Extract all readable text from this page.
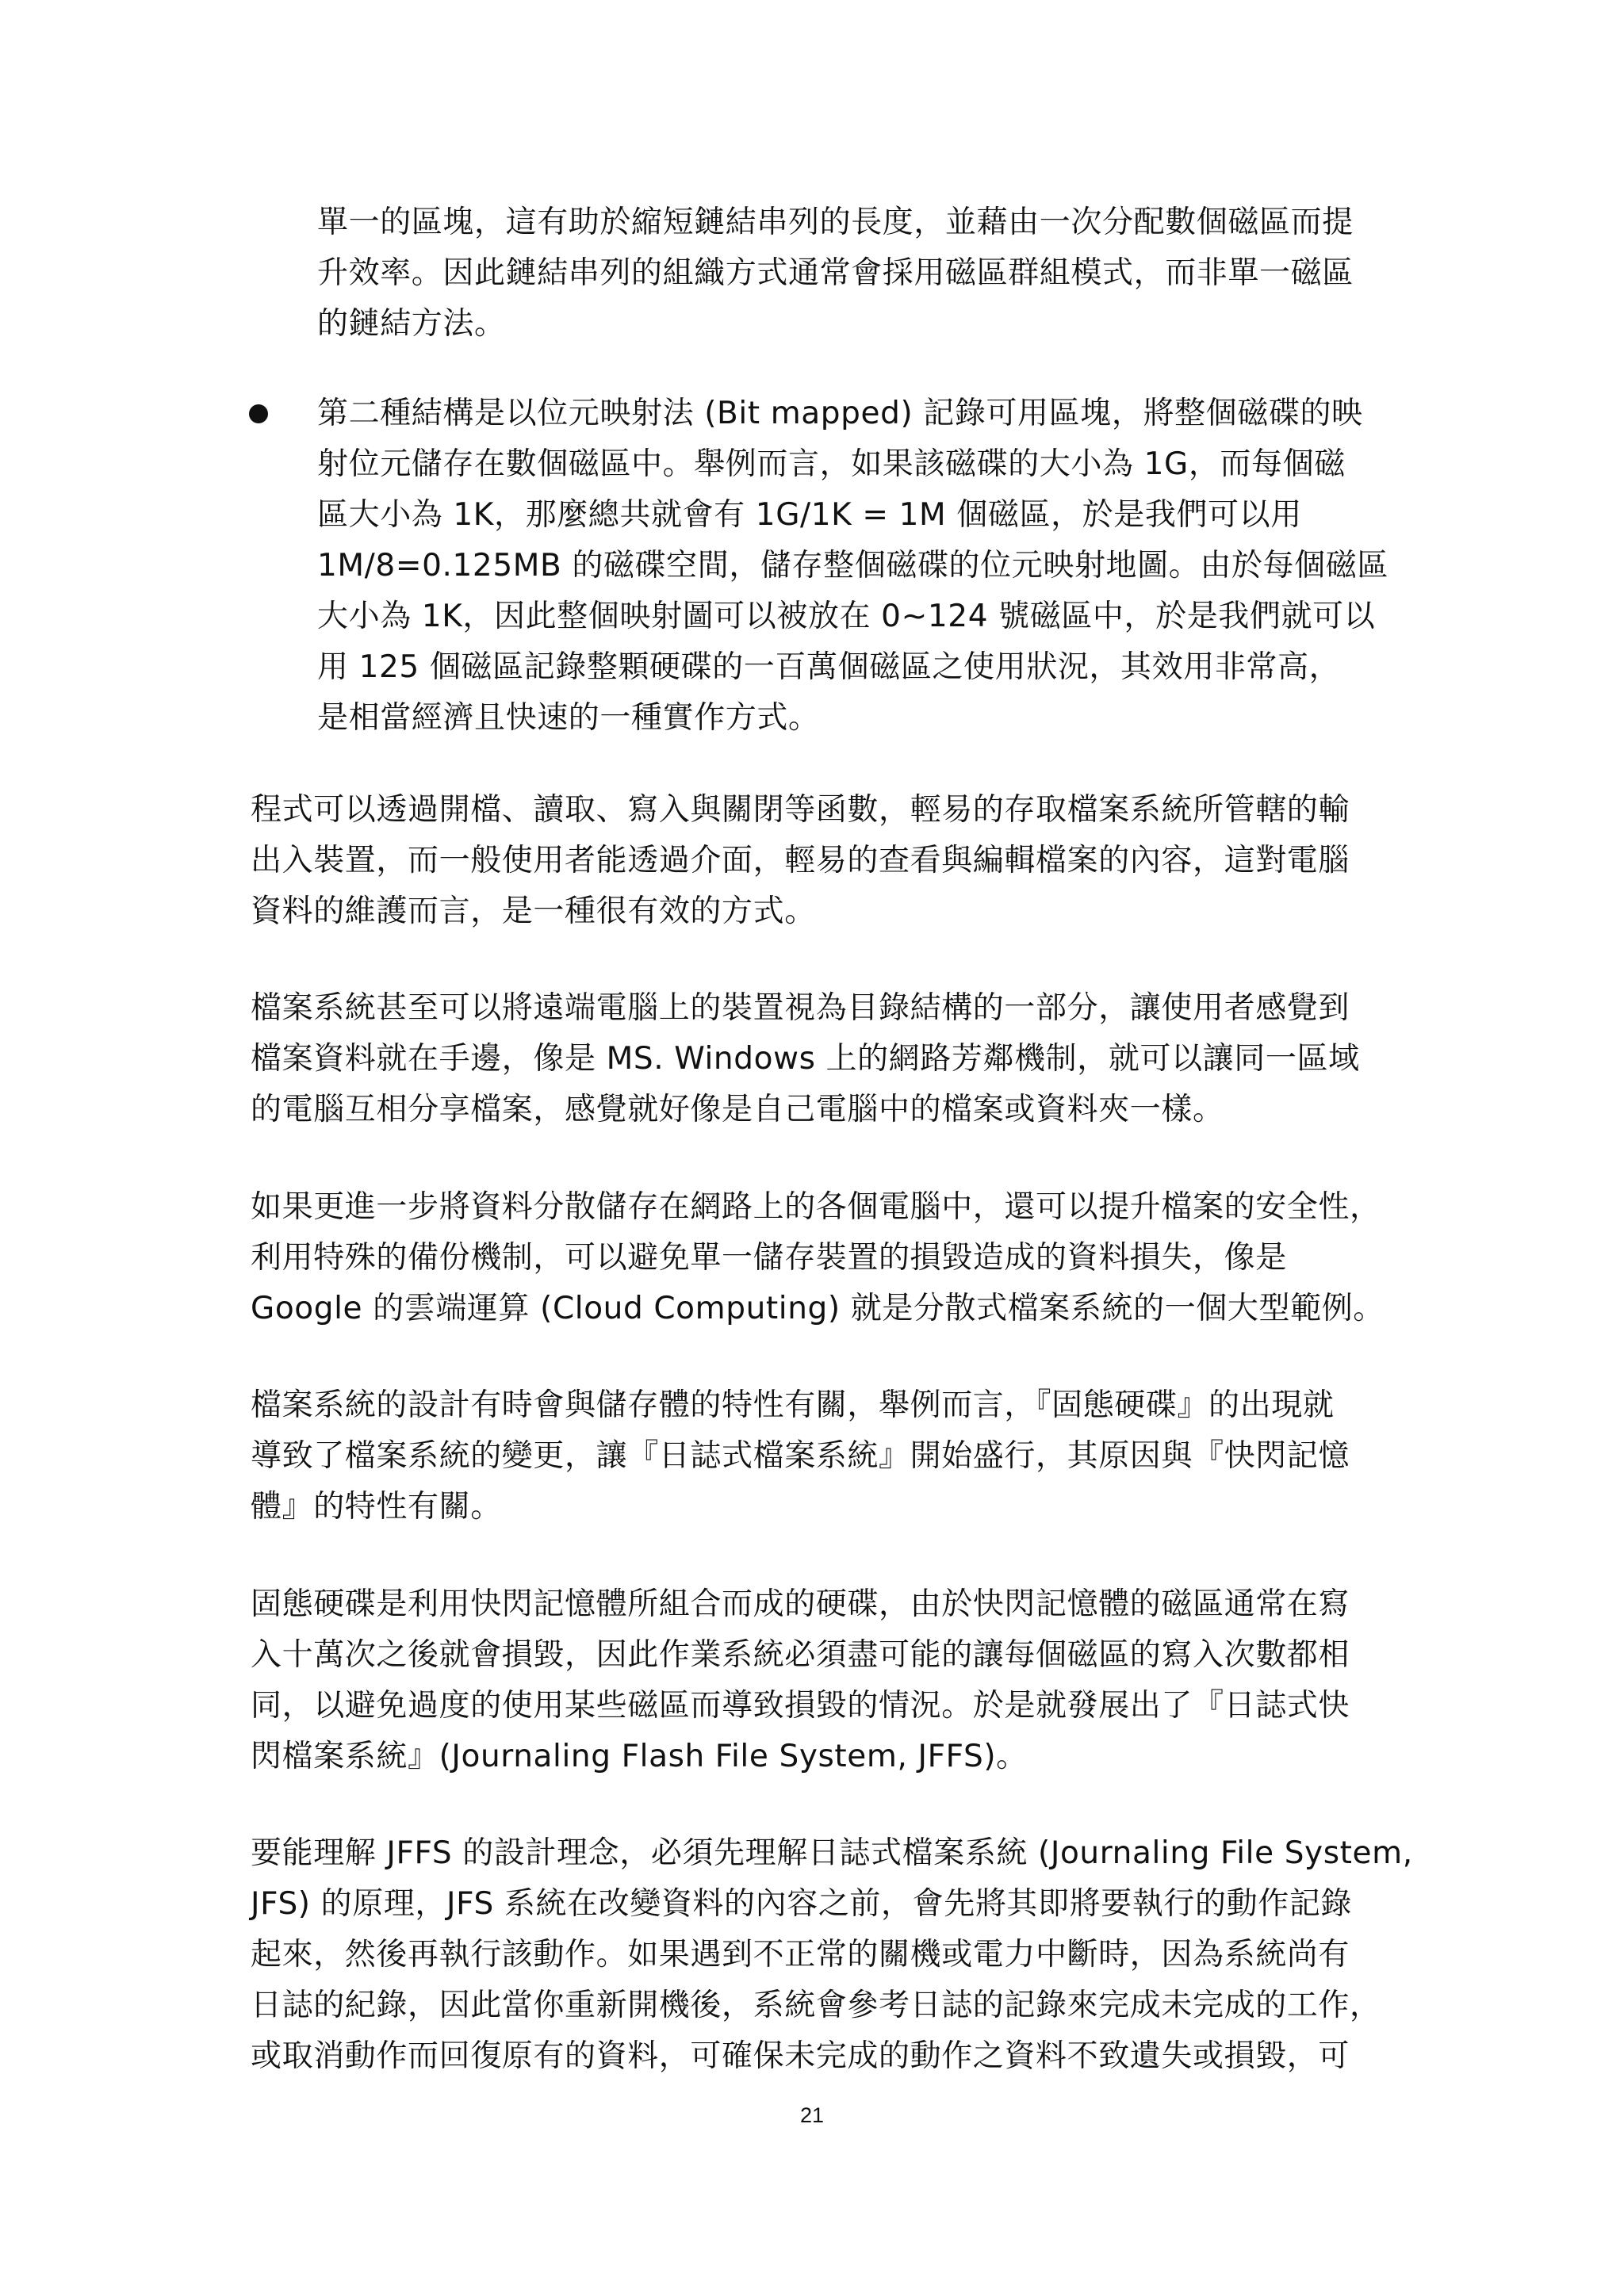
單一的區塊，這有助於縮短鏈結串列的長度，並藉由一次分配數個磁區而提
升效率。因此鏈結串列的組織方式通常會採用磁區群組模式，而非單一磁區
的鏈結方法。
第二種結構是以位元映射法 (Bit mapped) 記錄可用區塊，將整個磁碟的映
射位元儲存在數個磁區中。舉例而言，如果該磁碟的大小為 1G，而每個磁
區大小為 1K，那麼總共就會有 1G/1K = 1M 個磁區，於是我們可以用
1M/8=0.125MB 的磁碟空間，儲存整個磁碟的位元映射地圖。由於每個磁區
大小為 1K，因此整個映射圖可以被放在 0~124 號磁區中，於是我們就可以
用 125 個磁區記錄整顆硬碟的一百萬個磁區之使用狀況，其效用非常高，
是相當經濟且快速的一種實作方式。
程式可以透過開檔、讀取、寫入與關閉等函數，輕易的存取檔案系統所管轄的輸
出入裝置，而一般使用者能透過介面，輕易的查看與編輯檔案的內容，這對電腦
資料的維護而言，是一種很有效的方式。
檔案系統甚至可以將遠端電腦上的裝置視為目錄結構的一部分，讓使用者感覺到
檔案資料就在手邊，像是 MS. Windows 上的網路芳鄰機制，就可以讓同一區域
的電腦互相分享檔案，感覺就好像是自己電腦中的檔案或資料夾一樣。
如果更進一步將資料分散儲存在網路上的各個電腦中，還可以提升檔案的安全性，
利用特殊的備份機制，可以避免單一儲存裝置的損毀造成的資料損失，像是
Google 的雲端運算 (Cloud Computing) 就是分散式檔案系統的一個大型範例。
檔案系統的設計有時會與儲存體的特性有關，舉例而言，『固態硬碟』的出現就
導致了檔案系統的變更，讓『日誌式檔案系統』開始盛行，其原因與『快閃記憶
體』的特性有關。
固態硬碟是利用快閃記憶體所組合而成的硬碟，由於快閃記憶體的磁區通常在寫
入十萬次之後就會損毀，因此作業系統必須盡可能的讓每個磁區的寫入次數都相
同，以避免過度的使用某些磁區而導致損毀的情況。於是就發展出了『日誌式快
閃檔案系統』(Journaling Flash File System, JFFS)。
要能理解 JFFS 的設計理念，必須先理解日誌式檔案系統 (Journaling File System,
JFS) 的原理，JFS 系統在改變資料的內容之前，會先將其即將要執行的動作記錄
起來，然後再執行該動作。如果遇到不正常的關機或電力中斷時，因為系統尚有
日誌的紀錄，因此當你重新開機後，系統會參考日誌的記錄來完成未完成的工作，
或取消動作而回復原有的資料，可確保未完成的動作之資料不致遺失或損毀，可
21
